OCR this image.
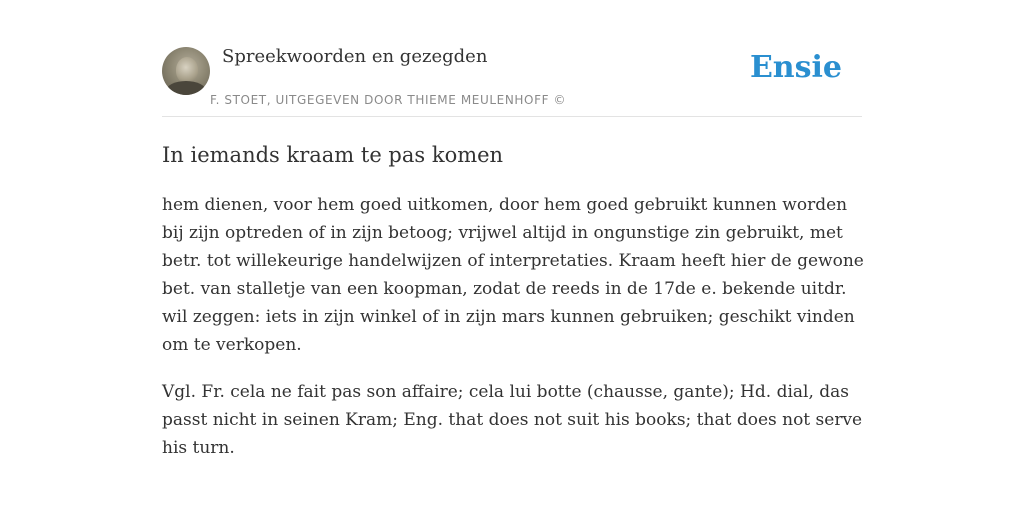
Spreekwoorden en gezegden
F. STOET, UITGEGEVEN DOOR THIEME MEULENHOFF ©
Ensie
In iemands kraam te pas komen
hem dienen, voor hem goed uitkomen, door hem goed gebruikt kunnen worden
bij zijn optreden of in zijn betoog; vrijwel altijd in ongunstige zin gebruikt, met
betr. tot willekeurige handelwijzen of interpretaties. Kraam heeft hier de gewone
bet. van stalletje van een koopman, zodat de reeds in de 17de e. bekende uitdr.
wil zeggen: iets in zijn winkel of in zijn mars kunnen gebruiken; geschikt vinden
om te verkopen.
Vgl. Fr. cela ne fait pas son affaire; cela lui botte (chausse, gante); Hd. dial, das
passt nicht in seinen Kram; Eng. that does not suit his books; that does not serve
his turn.
